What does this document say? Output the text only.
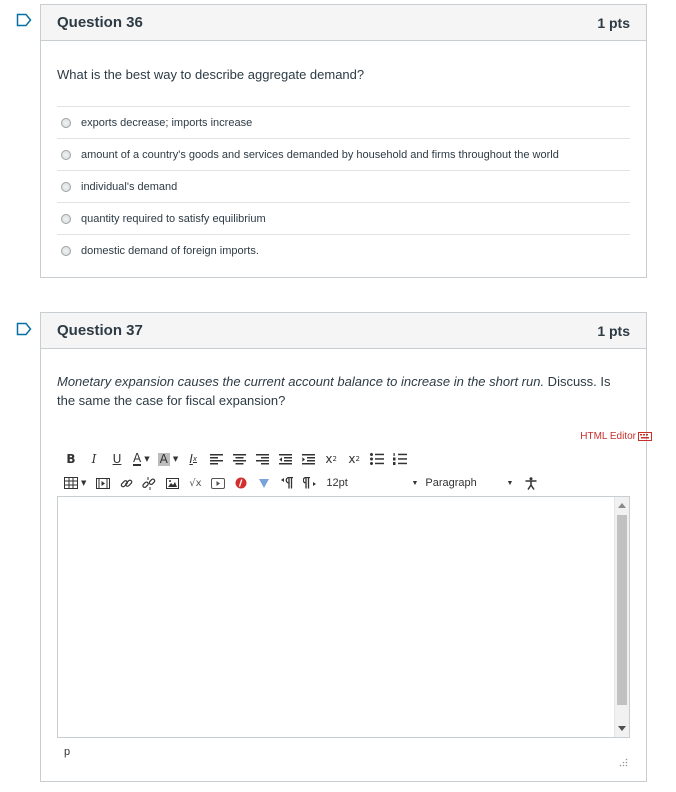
Question 36	1 pts
What is the best way to describe aggregate demand?
exports decrease; imports increase
amount of a country's goods and services demanded by household and firms throughout the world
individual's demand
quantity required to satisfy equilibrium
domestic demand of foreign imports.
Question 37	1 pts
Monetary expansion causes the current account balance to increase in the short run. Discuss. Is the same the case for fiscal expansion?
HTML Editor
B	I	U A ▼ A ▼ I x	x 2 x 2
▼	√x	12pt	▼ Paragraph	▼
p
